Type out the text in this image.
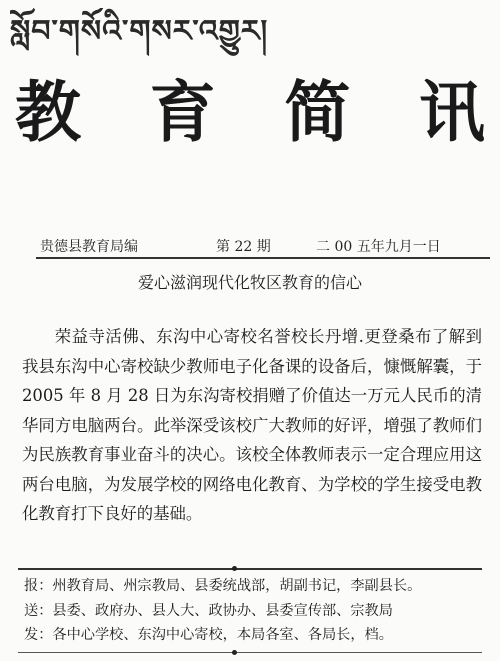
སློབ་གསོའི་གསར་འགྱུར།
教 育 简 讯
贵德县教育局编	第 22 期	二 00 五年九月一日
爱心滋润现代化牧区教育的信心

荣益寺活佛、东沟中心寄校名誉校长丹增.更登桑布了解到我县东沟中心寄校缺少教师电子化备课的设备后，慷慨解囊，于 2005 年 8 月 28 日为东沟寄校捐赠了价值达一万元人民币的清华同方电脑两台。此举深受该校广大教师的好评，增强了教师们为民族教育事业奋斗的决心。该校全体教师表示一定合理应用这两台电脑，为发展学校的网络电化教育、为学校的学生接受电教化教育打下良好的基础。

报：州教育局、州宗教局、县委统战部，胡副书记，李副县长。
送：县委、政府办、县人大、政协办、县委宣传部、宗教局
发：各中心学校、东沟中心寄校，本局各室、各局长，档。
